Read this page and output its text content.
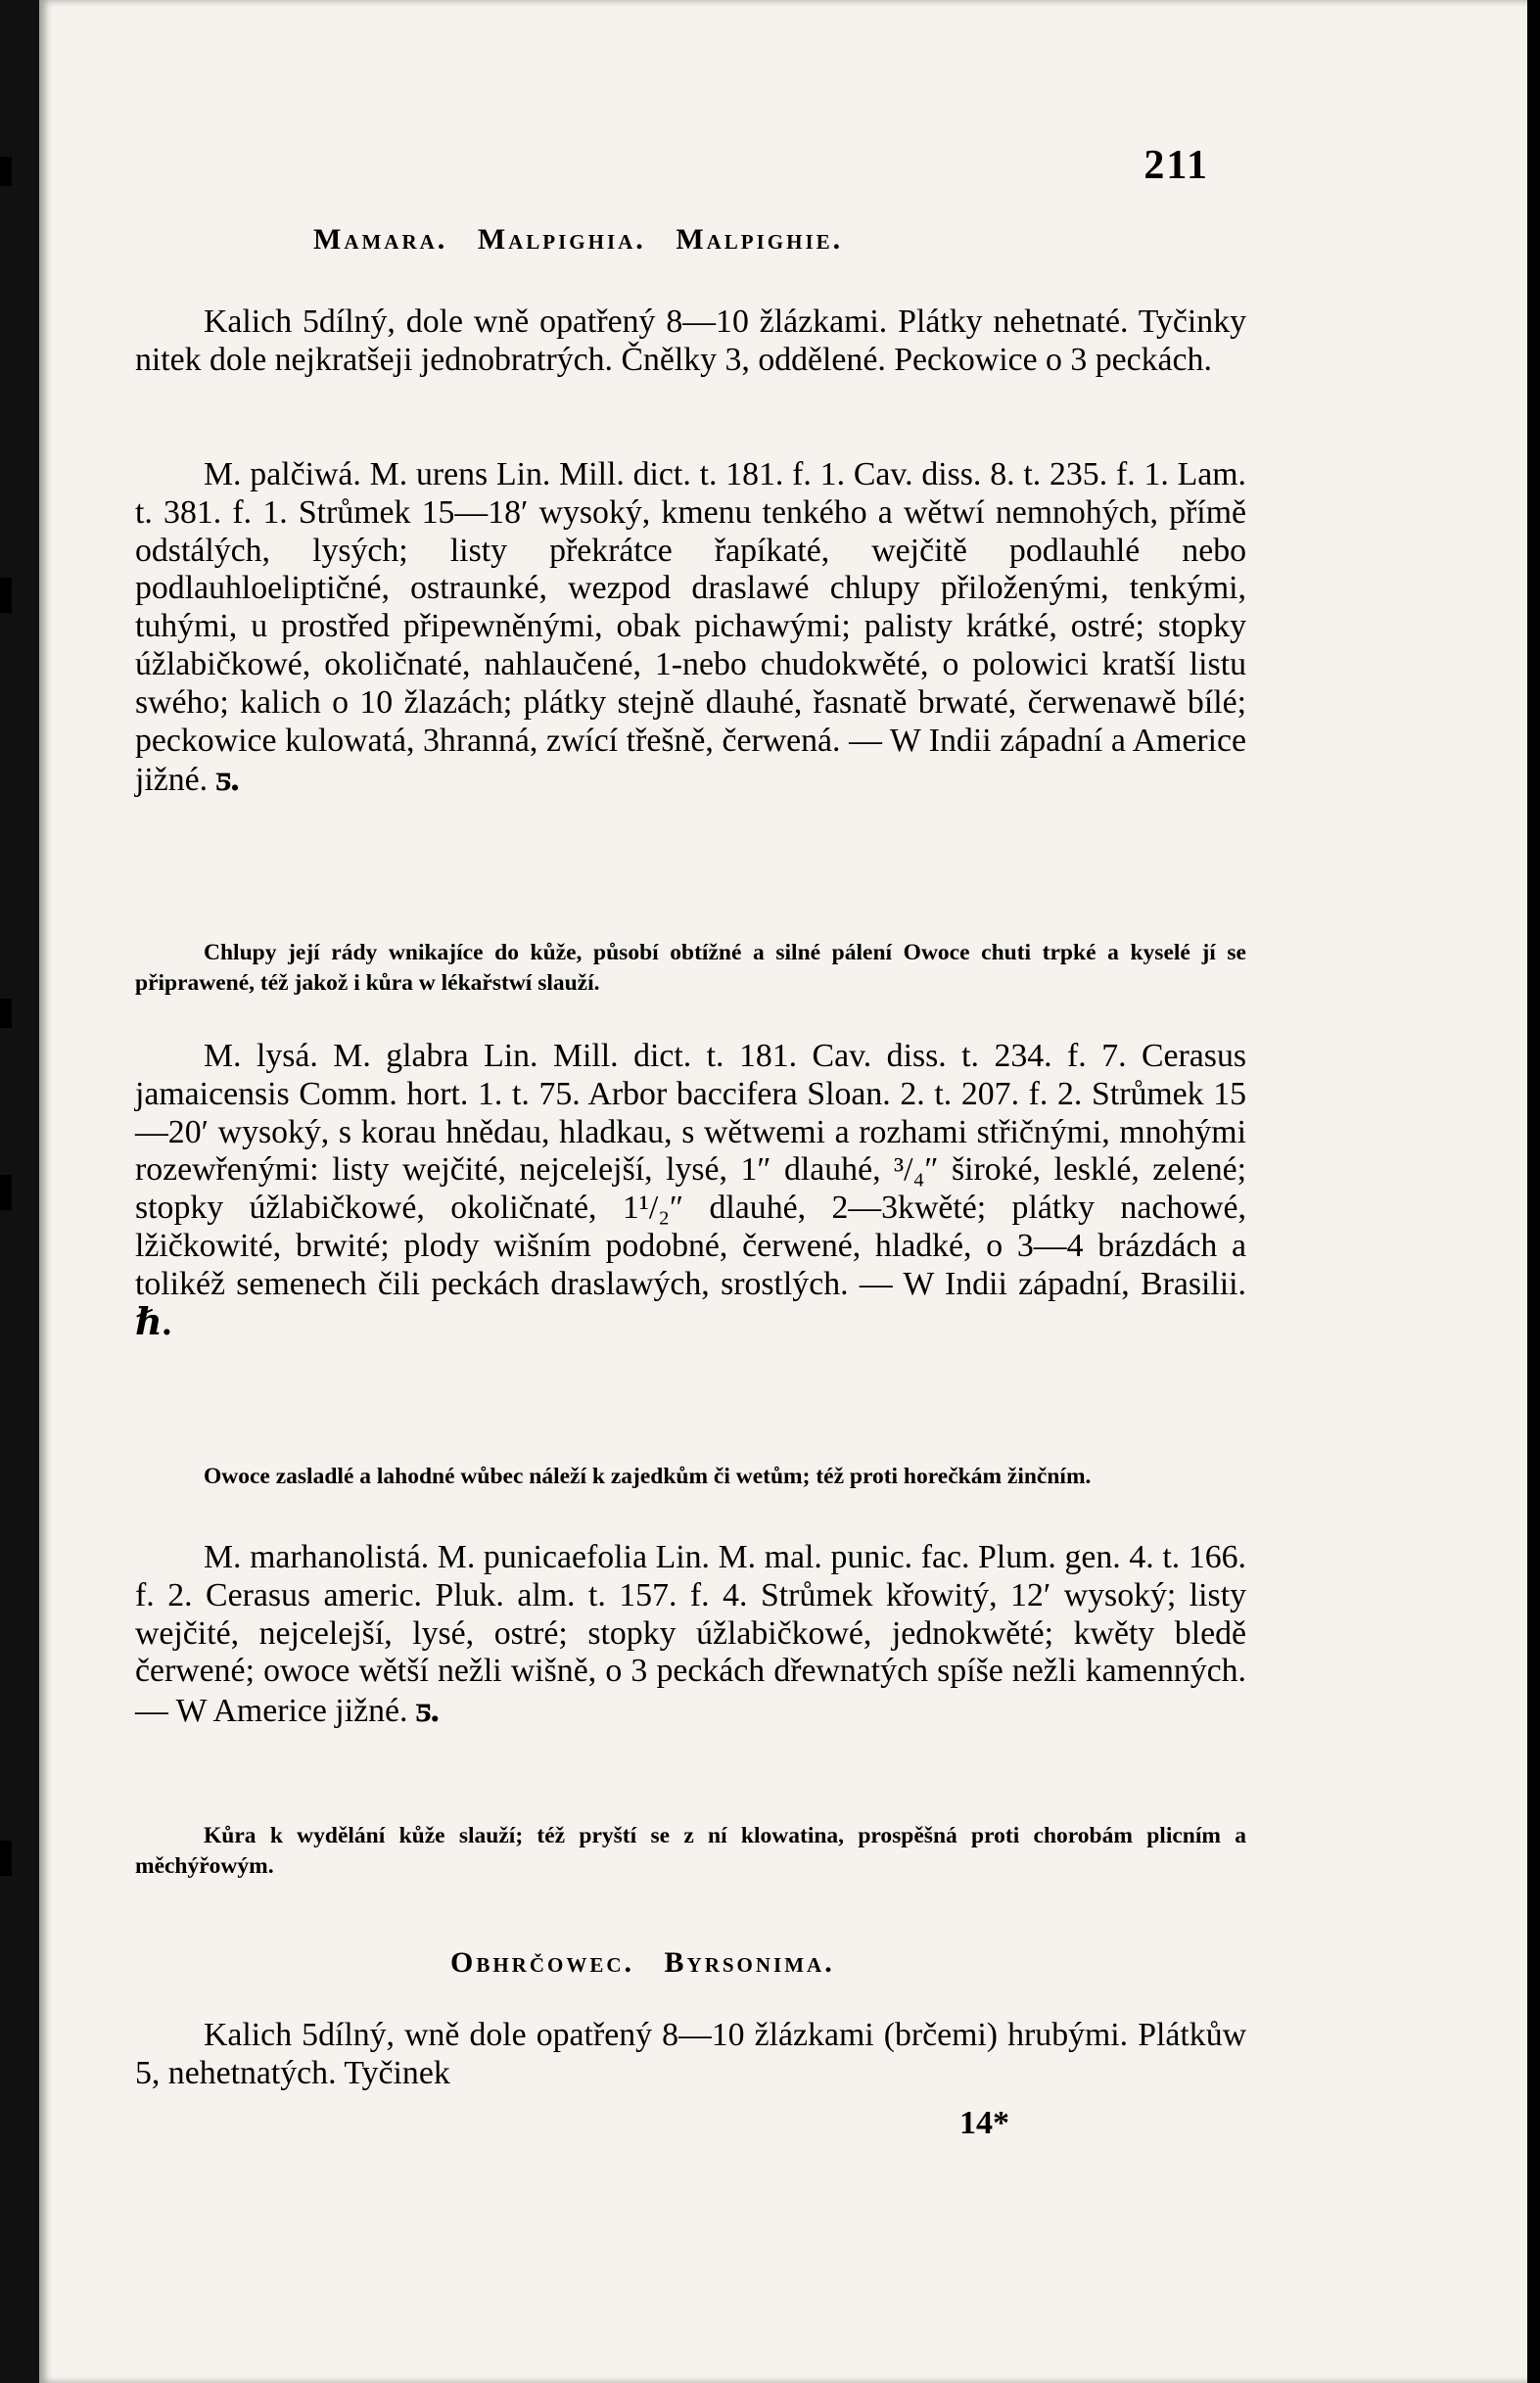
211
Mamara. Malpighia. Malpighie.

Kalich 5dílný, dole wně opatřený 8—10 žlázkami. Plátky nehetnaté. Tyčinky nitek dole nejkratšeji jednobratrých. Čnělky 3, oddělené. Peckowice o 3 peckách.

M. palčiwá. M. urens Lin. Mill. dict. t. 181. f. 1. Cav. diss. 8. t. 235. f. 1. Lam. t. 381. f. 1. Strůmek 15—18′ wysoký, kmenu tenkého a wětwí nemnohých, přímě odstálých, lysých; listy překrátce řapíkaté, wejčitě podlauhlé nebo podlauhloeliptičné, ostraunké, wezpod draslawé chlupy přiloženými, tenkými, tuhými, u prostřed připewněnými, obak pichawými; palisty krátké, ostré; stopky úžlabičkowé, okoličnaté, nahlaučené, 1-nebo chudokwěté, o polowici kratší listu swého; kalich o 10 žlazách; plátky stejně dlauhé, řasnatě brwaté, čerwenawě bílé; peckowice kulowatá, 3hranná, zwící třešně, čerwená. — W Indii západní a Americe jižné. ƽ.

Chlupy její rády wnikajíce do kůže, působí obtížné a silné pálení Owoce chuti trpké a kyselé jí se připrawené, též jakož i kůra w lékařstwí slauží.

M. lysá. M. glabra Lin. Mill. dict. t. 181. Cav. diss. t. 234. f. 7. Cerasus jamaicensis Comm. hort. 1. t. 75. Arbor baccifera Sloan. 2. t. 207. f. 2. Strůmek 15—20′ wysoký, s korau hnědau, hladkau, s wětwemi a rozhami střičnými, mnohými rozewřenými: listy wejčité, nejcelejší, lysé, 1″ dlauhé, ³/₄″ široké, lesklé, zelené; stopky úžlabičkowé, okoličnaté, 1¹/₂″ dlauhé, 2—3kwěté; plátky nachowé, lžičkowité, brwité; plody wišním podobné, čerwené, hladké, o 3—4 brázdách a tolikéž semenech čili peckách draslawých, srostlých. — W Indii západní, Brasilii. ℏ.

Owoce zasladlé a lahodné wůbec náleží k zajedkům či wetům; též proti horečkám žinčním.

M. marhanolistá. M. punicaefolia Lin. M. mal. punic. fac. Plum. gen. 4. t. 166. f. 2. Cerasus americ. Pluk. alm. t. 157. f. 4. Strůmek křowitý, 12′ wysoký; listy wejčité, nejcelejší, lysé, ostré; stopky úžlabičkowé, jednokwěté; kwěty bledě čerwené; owoce wětší nežli wišně, o 3 peckách dřewnatých spíše nežli kamenných. — W Americe jižné. ƽ.

Kůra k wydělání kůže slauží; též pryští se z ní klowatina, prospěšná proti chorobám plicním a měchýřowým.

Obhrčowec. Byrsonima.

Kalich 5dílný, wně dole opatřený 8—10 žlázkami (brčemi) hrubými. Plátkůw 5, nehetnatých. Tyčinek

14*
